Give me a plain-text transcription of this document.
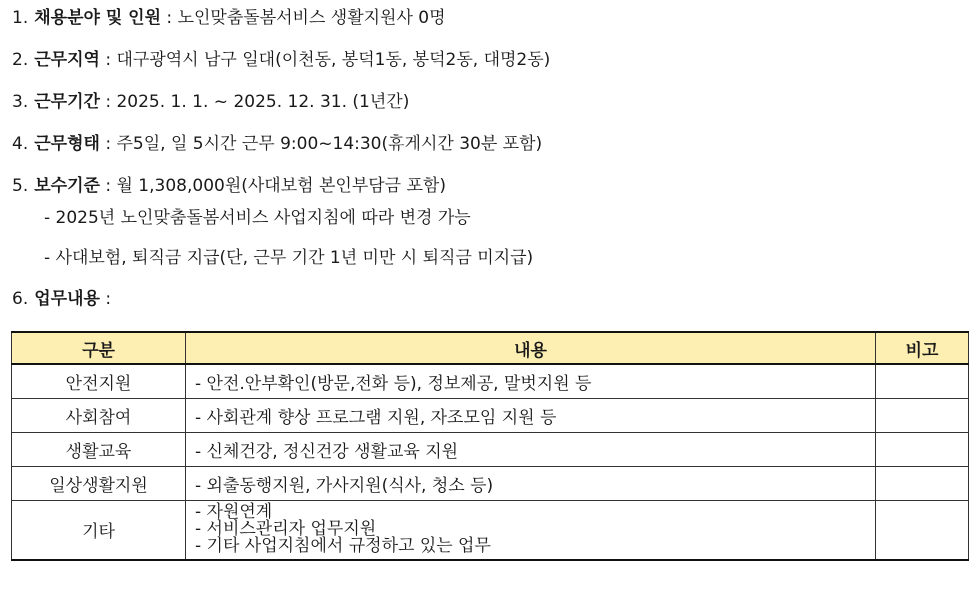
1. 채용분야 및 인원 : 노인맞춤돌봄서비스 생활지원사 0명
2. 근무지역 : 대구광역시 남구 일대(이천동, 봉덕1동, 봉덕2동, 대명2동)
3. 근무기간 : 2025. 1. 1. ~ 2025. 12. 31. (1년간)
4. 근무형태 : 주5일, 일 5시간 근무 9:00~14:30(휴게시간 30분 포함)
5. 보수기준 : 월 1,308,000원(사대보험 본인부담금 포함)
- 2025년 노인맞춤돌봄서비스 사업지침에 따라 변경 가능
- 사대보험, 퇴직금 지급(단, 근무 기간 1년 미만 시 퇴직금 미지급)
6. 업무내용 :
구분	내용	비고
안전지원	- 안전.안부확인(방문,전화 등), 정보제공, 말벗지원 등	
사회참여	- 사회관계 향상 프로그램 지원, 자조모임 지원 등	
생활교육	- 신체건강, 정신건강 생활교육 지원	
일상생활지원	- 외출동행지원, 가사지원(식사, 청소 등)	
기타	- 자원연계
- 서비스관리자 업무지원
- 기타 사업지침에서 규정하고 있는 업무	
